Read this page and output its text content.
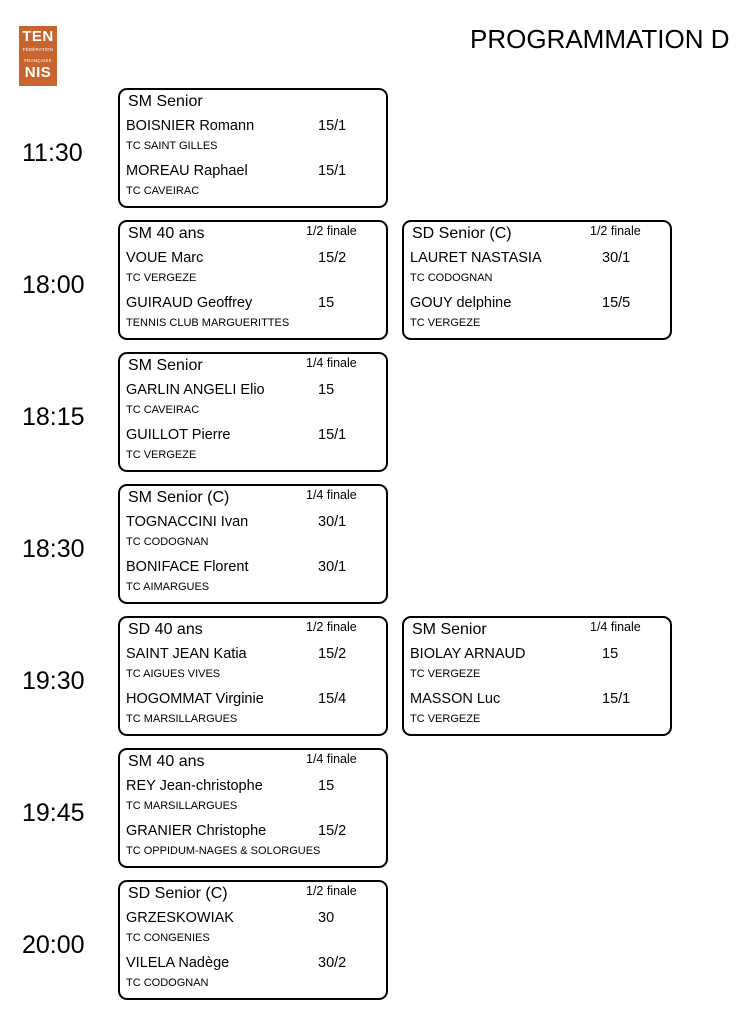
TEN
FÉDÉRATION
FRANÇAISE
NIS
PROGRAMMATION D
11:30
SM Senior
BOISNIER Romann	15/1
TC SAINT GILLES
MOREAU Raphael	15/1
TC CAVEIRAC
18:00
SM 40 ans	1/2 finale
VOUE Marc	15/2
TC VERGEZE
GUIRAUD Geoffrey	15
TENNIS CLUB MARGUERITTES
SD Senior (C)	1/2 finale
LAURET NASTASIA	30/1
TC CODOGNAN
GOUY delphine	15/5
TC VERGEZE
18:15
SM Senior	1/4 finale
GARLIN ANGELI Elio	15
TC CAVEIRAC
GUILLOT Pierre	15/1
TC VERGEZE
18:30
SM Senior (C)	1/4 finale
TOGNACCINI Ivan	30/1
TC CODOGNAN
BONIFACE Florent	30/1
TC AIMARGUES
19:30
SD 40 ans	1/2 finale
SAINT JEAN Katia	15/2
TC AIGUES VIVES
HOGOMMAT Virginie	15/4
TC MARSILLARGUES
SM Senior	1/4 finale
BIOLAY ARNAUD	15
TC VERGEZE
MASSON Luc	15/1
TC VERGEZE
19:45
SM 40 ans	1/4 finale
REY Jean-christophe	15
TC MARSILLARGUES
GRANIER Christophe	15/2
TC OPPIDUM-NAGES & SOLORGUES
20:00
SD Senior (C)	1/2 finale
GRZESKOWIAK	30
TC CONGENIES
VILELA Nadège	30/2
TC CODOGNAN
